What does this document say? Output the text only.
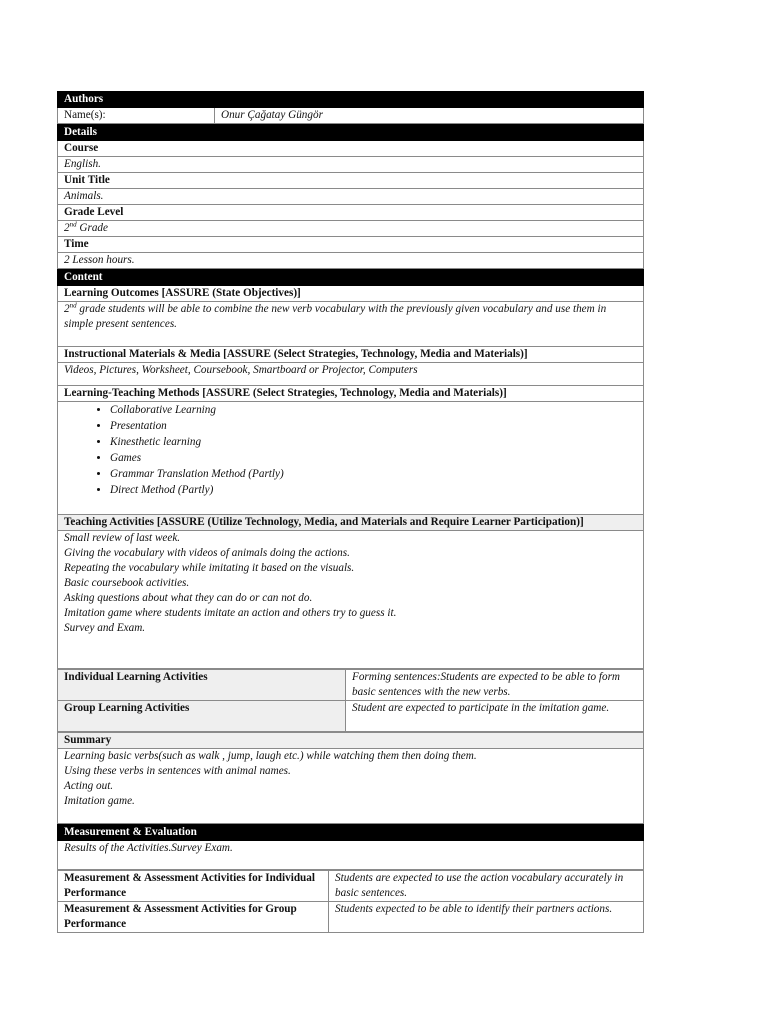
Authors
Name(s):	Onur Çağatay Güngör
Details
Course
English.
Unit Title
Animals.
Grade Level
2nd Grade
Time
2 Lesson hours.
Content
Learning Outcomes [ASSURE (State Objectives)]
2nd grade students will be able to combine the new verb vocabulary with the previously given vocabulary and use them in simple present sentences.
Instructional Materials & Media [ASSURE (Select Strategies, Technology, Media and Materials)]
Videos, Pictures, Worksheet, Coursebook, Smartboard or Projector, Computers
Learning-Teaching Methods [ASSURE (Select Strategies, Technology, Media and Materials)]

• Collaborative Learning
• Presentation
• Kinesthetic learning
• Games
• Grammar Translation Method (Partly)
• Direct Method (Partly)

Teaching Activities [ASSURE (Utilize Technology, Media, and Materials and Require Learner Participation)]

Small review of last week.
Giving the vocabulary with videos of animals doing the actions.
Repeating the vocabulary while imitating it based on the visuals.
Basic coursebook activities.
Asking questions about what they can do or can not do.
Imitation game where students imitate an action and others try to guess it.
Survey and Exam.
Individual Learning Activities	Forming sentences:Students are expected to be able to form basic sentences with the new verbs.
Group Learning Activities	Student are expected to participate in the imitation game.
Summary

Learning basic verbs(such as walk , jump, laugh etc.) while watching them then doing them.
Using these verbs in sentences with animal names.
Acting out.
Imitation game.
Measurement & Evaluation
Results of the Activities.Survey Exam.
Measurement & Assessment Activities for Individual Performance	Students are expected to use the action vocabulary accurately in basic sentences.
Measurement & Assessment Activities for Group Performance	Students expected to be able to identify their partners actions.
